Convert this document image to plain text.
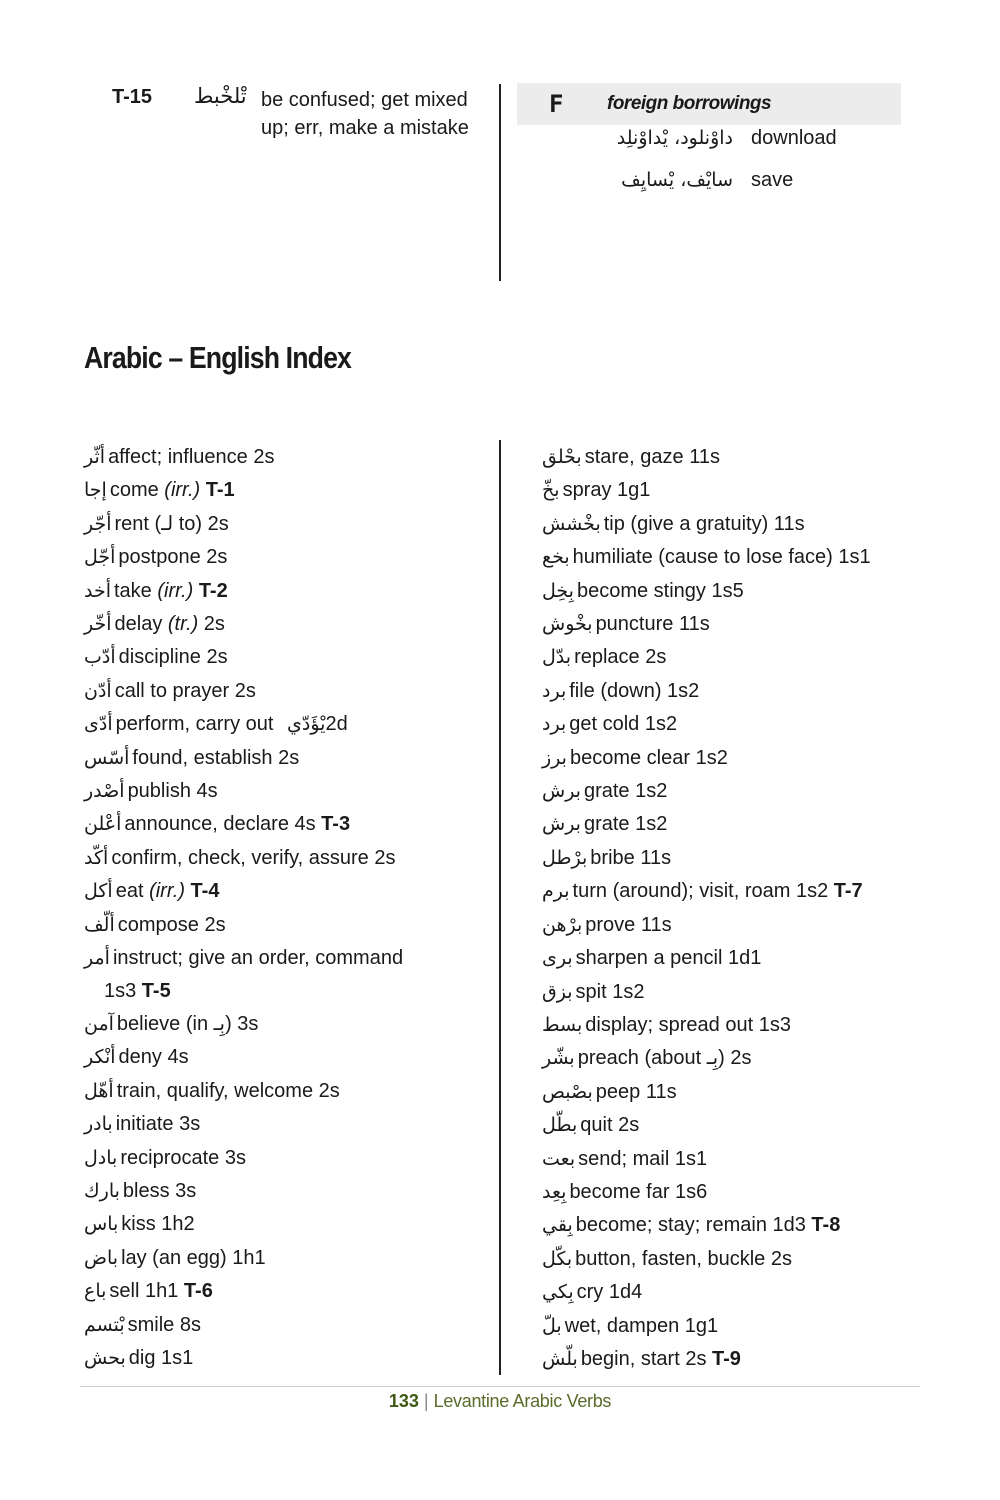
T-15 تْلخْبط be confused; get mixed up; err, make a mistake
F foreign borrowings
داوْنلود، يْداوْنلِد download
سايْف، يْسايِف save
Arabic – English Index
أثّر affect; influence 2s
إجا come (irr.) T-1
أجّر rent (لـ to) 2s
أجّل postpone 2s
أخد take (irr.) T-2
أخّر delay (tr.) 2s
أدّب discipline 2s
أدّن call to prayer 2s
أدّى perform, carry out يْؤَدّي2d
أسّس found, establish 2s
أصْدر publish 4s
أعْلن announce, declare 4s T-3
أكّد confirm, check, verify, assure 2s
أكل eat (irr.) T-4
ألّف compose 2s
أمر instruct; give an order, command
1s3 T-5
آمن believe (in بِـ) 3s
أنْكر deny 4s
أهّل train, qualify, welcome 2s
بادر initiate 3s
بادل reciprocate 3s
بارك bless 3s
باس kiss 1h2
باض lay (an egg) 1h1
باع sell 1h1 T-6
بْتسم smile 8s
بحش dig 1s1
بحْلق stare, gaze 11s
بخّ spray 1g1
بخْشش tip (give a gratuity) 11s
بخع humiliate (cause to lose face) 1s1
بِخِل become stingy 1s5
بخْوش puncture 11s
بدّل replace 2s
برد file (down) 1s2
برد get cold 1s2
برز become clear 1s2
برش grate 1s2
برش grate 1s2
برْطل bribe 11s
برم turn (around); visit, roam 1s2 T-7
برْهن prove 11s
برى sharpen a pencil 1d1
بزق spit 1s2
بسط display; spread out 1s3
بشّر preach (about بِـ) 2s
بصْبص peep 11s
بطّل quit 2s
بعت send; mail 1s1
بِعِد become far 1s6
بِقي become; stay; remain 1d3 T-8
بكّل button, fasten, buckle 2s
بِكي cry 1d4
بلّ wet, dampen 1g1
بلّش begin, start 2s T-9
133 | Levantine Arabic Verbs
